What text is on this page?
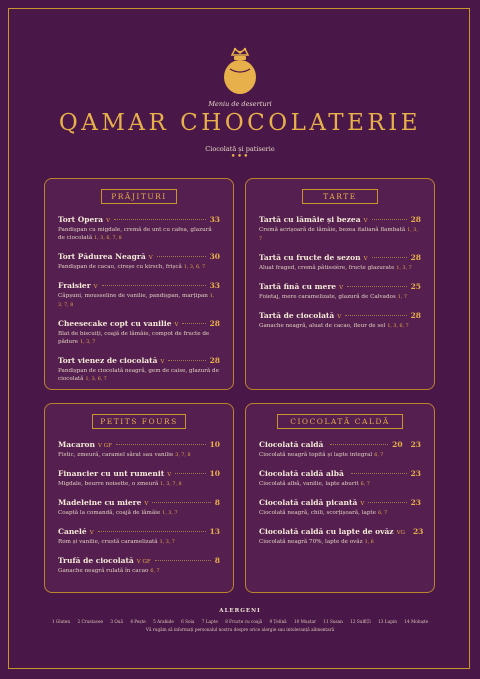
Meniu de deserturi
QAMAR CHOCOLATERIE
Ciocolată și patiserie
•••
PRĂJITURI
Tort Opera V	33
Pandișpan cu migdale, cremă de unt cu cafea, glazură de ciocolată 1, 3, 6, 7, 8
Tort Pădurea Neagră V	30
Pandișpan de cacao, cireșe cu kirsch, frișcă 1, 3, 6, 7
Fraisier V	33
Căpșuni, mousseline de vanilie, pandișpan, marțipan 1, 3, 7, 8
Cheesecake copt cu vanilie V	28
Blat de biscuiți, coajă de lămâie, compot de fructe de pădure 1, 3, 7
Tort vienez de ciocolată V	28
Pandișpan de ciocolată neagră, gem de caise, glazură de ciocolată 1, 3, 6, 7
TARTE
Tartă cu lămâie și bezea V	28
Cremă acrișoară de lămâie, bezea italiană flambată 1, 3, 7
Tartă cu fructe de sezon V	28
Aluat fraged, cremă pâtissière, fructe glazurate 1, 3, 7
Tartă fină cu mere V	25
Foietaj, mere caramelizate, glazură de Calvados 1, 7
Tartă de ciocolată V	28
Ganache neagră, aluat de cacao, fleur de sel 1, 3, 6, 7
PETITS FOURS
Macaron V GF	10
Fistic, zmeură, caramel sărat sau vanilie 3, 7, 8
Financier cu unt rumenit V	10
Migdale, beurre noisette, o zmeură 1, 3, 7, 8
Madeleine cu miere V	8
Coaptă la comandă, coajă de lămâie 1, 3, 7
Canelé V	13
Rom și vanilie, crustă caramelizată 1, 3, 7
Trufă de ciocolată V GF	8
Ganache neagră rulată în cacao 6, 7
CIOCOLATĂ CALDĂ
Ciocolată caldă	20 23
Ciocolată neagră topită și lapte integral 6, 7
Ciocolată caldă albă	23
Ciocolată albă, vanilie, lapte aburit 6, 7
Ciocolată caldă picantă V	23
Ciocolată neagră, chili, scorțișoară, lapte 6, 7
Ciocolată caldă cu lapte de ovăz VG 23
Ciocolată neagră 70%, lapte de ovăz 1, 6
ALERGENI
1 Gluten 2 Crustacee 3 Ouă 4 Pește 5 Arahide 6 Soia 7 Lapte 8 Fructe cu coajă 9 Țelină 10 Muștar 11 Susan 12 SulfiȚi 13 Lupin 14 Moluște
Vă rugăm să informați personalul nostru despre orice alergie sau intoleranță alimentară
